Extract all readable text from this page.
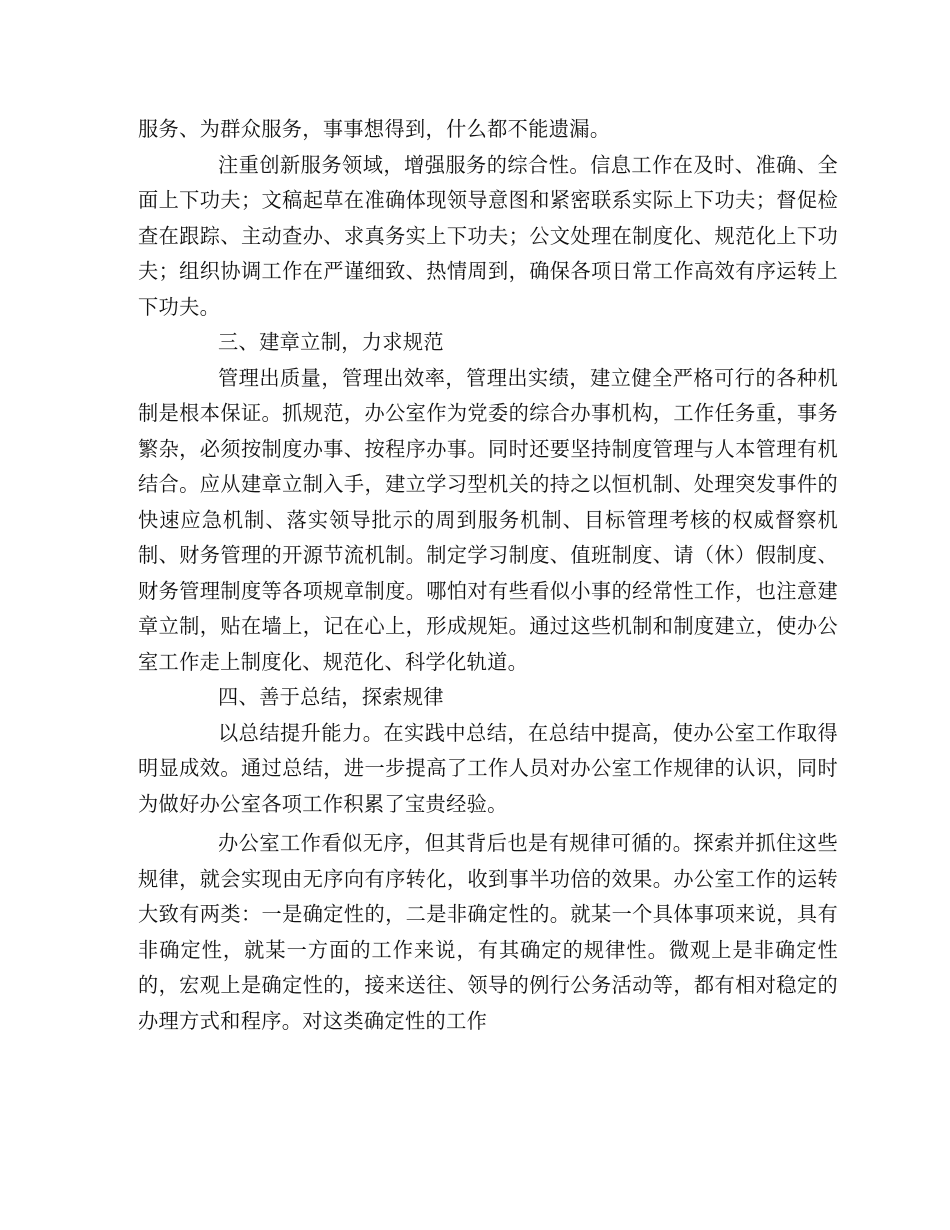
服务、为群众服务，事事想得到，什么都不能遗漏。

注重创新服务领域，增强服务的综合性。信息工作在及时、准确、全面上下功夫；文稿起草在准确体现领导意图和紧密联系实际上下功夫；督促检查在跟踪、主动查办、求真务实上下功夫；公文处理在制度化、规范化上下功夫；组织协调工作在严谨细致、热情周到，确保各项日常工作高效有序运转上下功夫。

三、建章立制，力求规范

管理出质量，管理出效率，管理出实绩，建立健全严格可行的各种机制是根本保证。抓规范，办公室作为党委的综合办事机构，工作任务重，事务繁杂，必须按制度办事、按程序办事。同时还要坚持制度管理与人本管理有机结合。应从建章立制入手，建立学习型机关的持之以恒机制、处理突发事件的快速应急机制、落实领导批示的周到服务机制、目标管理考核的权威督察机制、财务管理的开源节流机制。制定学习制度、值班制度、请（休）假制度、财务管理制度等各项规章制度。哪怕对有些看似小事的经常性工作，也注意建章立制，贴在墙上，记在心上，形成规矩。通过这些机制和制度建立，使办公室工作走上制度化、规范化、科学化轨道。

四、善于总结，探索规律

以总结提升能力。在实践中总结，在总结中提高，使办公室工作取得明显成效。通过总结，进一步提高了工作人员对办公室工作规律的认识，同时为做好办公室各项工作积累了宝贵经验。

办公室工作看似无序，但其背后也是有规律可循的。探索并抓住这些规律，就会实现由无序向有序转化，收到事半功倍的效果。办公室工作的运转大致有两类：一是确定性的，二是非确定性的。就某一个具体事项来说，具有非确定性，就某一方面的工作来说，有其确定的规律性。微观上是非确定性的，宏观上是确定性的，接来送往、领导的例行公务活动等，都有相对稳定的办理方式和程序。对这类确定性的工作
